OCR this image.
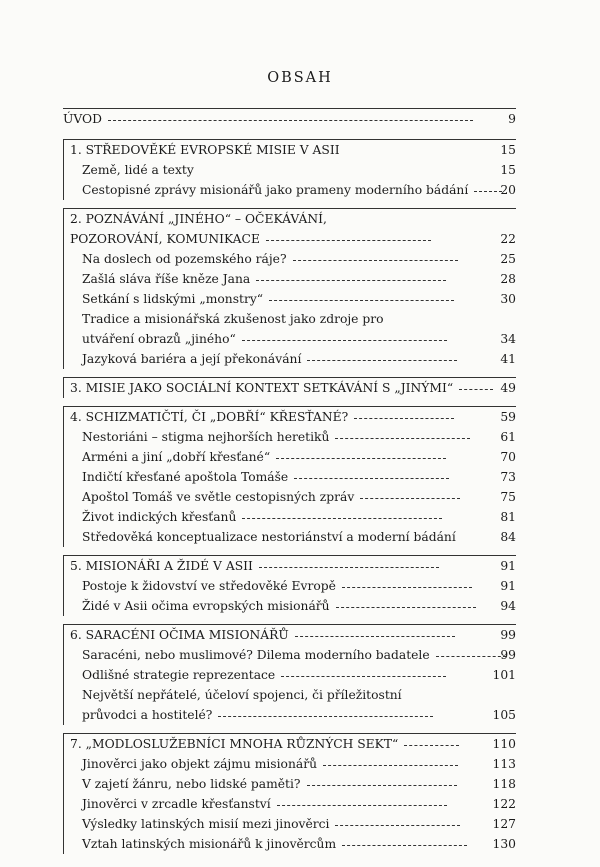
OBSAH
ÚVOD	9
1. STŘEDOVĚKÉ EVROPSKÉ MISIE V ASII	15
Země, lidé a texty	15
Cestopisné zprávy misionářů jako prameny moderního bádání	20
2. POZNÁVÁNÍ „JINÉHO“ – OČEKÁVÁNÍ,
POZOROVÁNÍ, KOMUNIKACE	22
Na doslech od pozemského ráje?	25
Zašlá sláva říše kněze Jana	28
Setkání s lidskými „monstry“	30
Tradice a misionářská zkušenost jako zdroje pro
utváření obrazů „jiného“	34
Jazyková bariéra a její překonávání	41
3. MISIE JAKO SOCIÁLNÍ KONTEXT SETKÁVÁNÍ S „JINÝMI“	49
4. SCHIZMATIČTÍ, ČI „DOBŘÍ“ KŘESŤANÉ?	59
Nestoriáni – stigma nejhorších heretiků	61
Arméni a jiní „dobří křesťané“	70
Indičtí křesťané apoštola Tomáše	73
Apoštol Tomáš ve světle cestopisných zpráv	75
Život indických křesťanů	81
Středověká konceptualizace nestoriánství a moderní bádání	84
5. MISIONÁŘI A ŽIDÉ V ASII	91
Postoje k židovství ve středověké Evropě	91
Židé v Asii očima evropských misionářů	94
6. SARACÉNI OČIMA MISIONÁŘŮ	99
Saracéni, nebo muslimové? Dilema moderního badatele	99
Odlišné strategie reprezentace	101
Největší nepřátelé, účeloví spojenci, či příležitostní
průvodci a hostitelé?	105
7. „MODLOSLUŽEBNÍCI MNOHA RŮZNÝCH SEKT“	110
Jinověrci jako objekt zájmu misionářů	113
V zajetí žánru, nebo lidské paměti?	118
Jinověrci v zrcadle křesťanství	122
Výsledky latinských misií mezi jinověrci	127
Vztah latinských misionářů k jinověrcům	130
